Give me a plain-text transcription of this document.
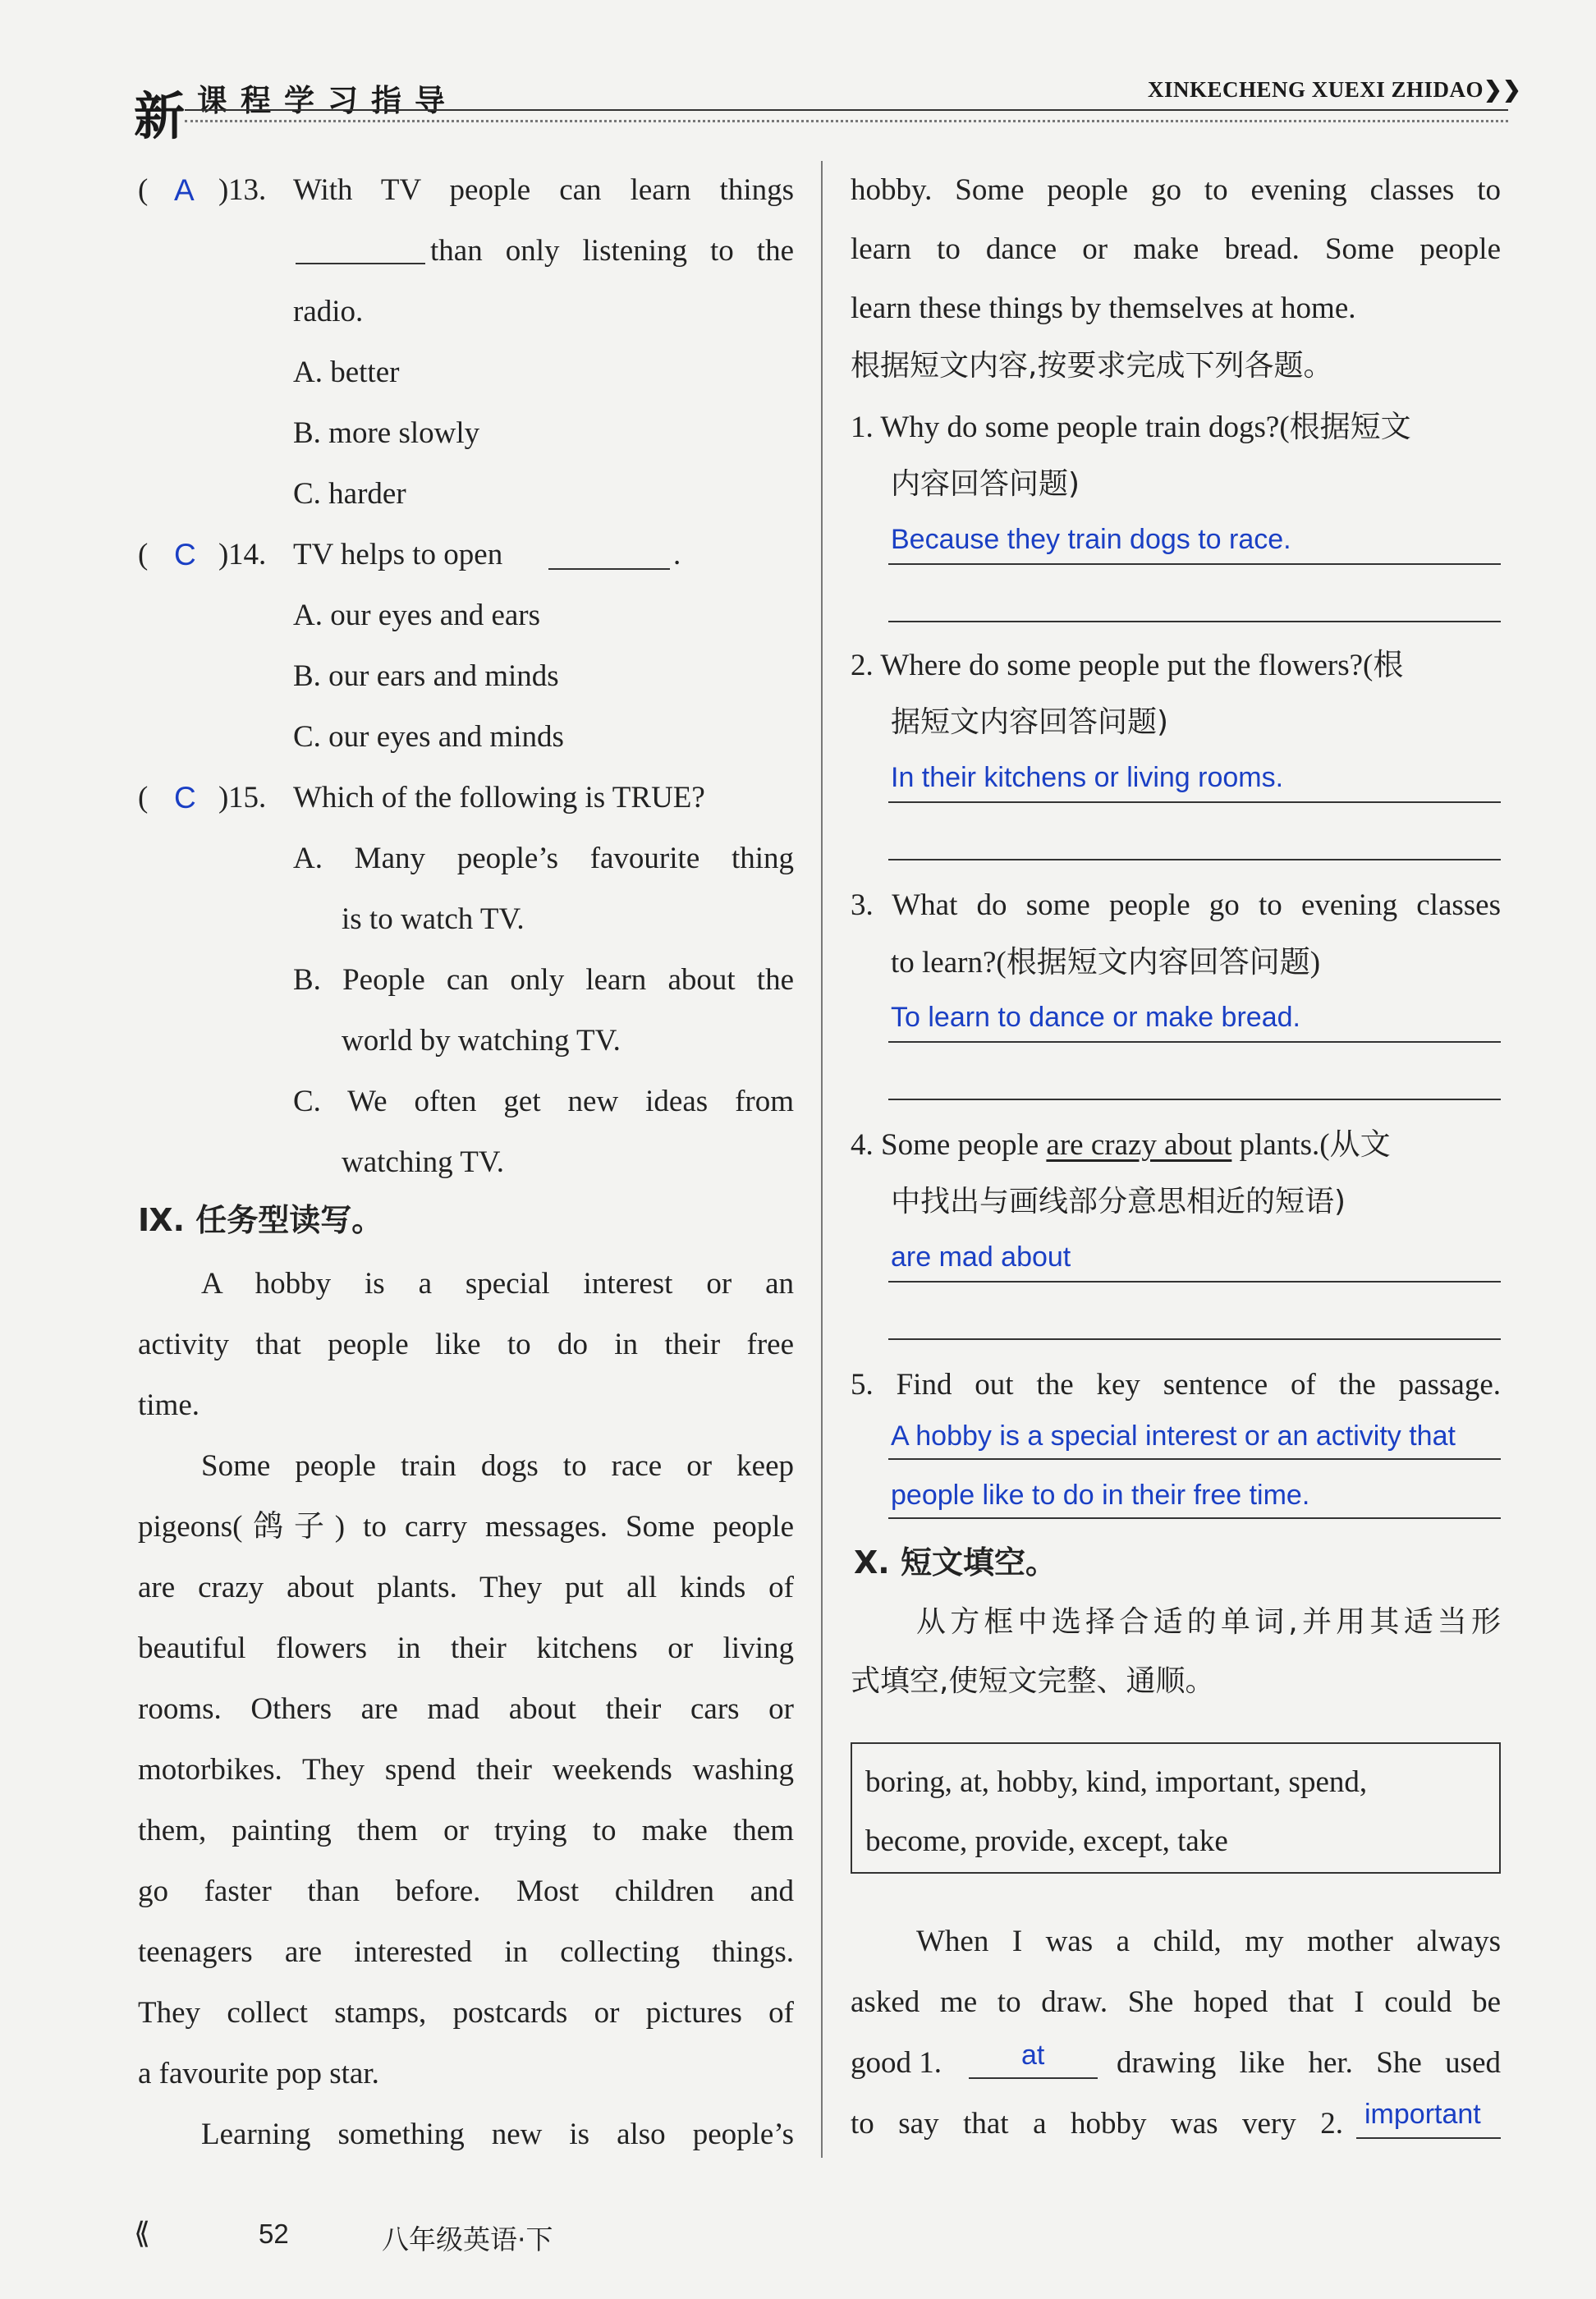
新 课程学习指导	XINKECHENG XUEXI ZHIDAO❯❯
( A ) 13. With TV people can learn things
than only listening to the
radio.
A. better
B. more slowly
C. harder
( C ) 14. TV helps to open	.
A. our eyes and ears
B. our ears and minds
C. our eyes and minds
( C ) 15. Which of the following is TRUE?
A. Many people’s favourite thing
is to watch TV.
B. People can only learn about the
world by watching TV.
C. We often get new ideas from
watching TV.
Ⅸ. 任务型读写。
A hobby is a special interest or an
activity that people like to do in their free
time.
Some people train dogs to race or keep
pigeons(鸽子) to carry messages. Some people
are crazy about plants. They put all kinds of
beautiful flowers in their kitchens or living
rooms. Others are mad about their cars or
motorbikes. They spend their weekends washing
them, painting them or trying to make them
go faster than before. Most children and
teenagers are interested in collecting things.
They collect stamps, postcards or pictures of
a favourite pop star.
Learning something new is also people’s
hobby. Some people go to evening classes to
learn to dance or make bread. Some people
learn these things by themselves at home.
根据短文内容,按要求完成下列各题。
1. Why do some people train dogs?(根据短文
内容回答问题)
Because they train dogs to race.
2. Where do some people put the flowers?(根
据短文内容回答问题)
In their kitchens or living rooms.
3. What do some people go to evening classes
to learn?(根据短文内容回答问题)
To learn to dance or make bread.
4. Some people are crazy about plants.(从文
中找出与画线部分意思相近的短语)
are mad about
5. Find out the key sentence of the passage.
A hobby is a special interest or an activity that
people like to do in their free time.
Ⅹ. 短文填空。
从方框中选择合适的单词,并用其适当形
式填空,使短文完整、通顺。
boring, at, hobby, kind, important, spend,
become, provide, except, take
When I was a child, my mother always
asked me to draw. She hoped that I could be
good 1.	at drawing like her. She used
to say that a hobby was very 2. important
⟪	52	八年级英语·下
